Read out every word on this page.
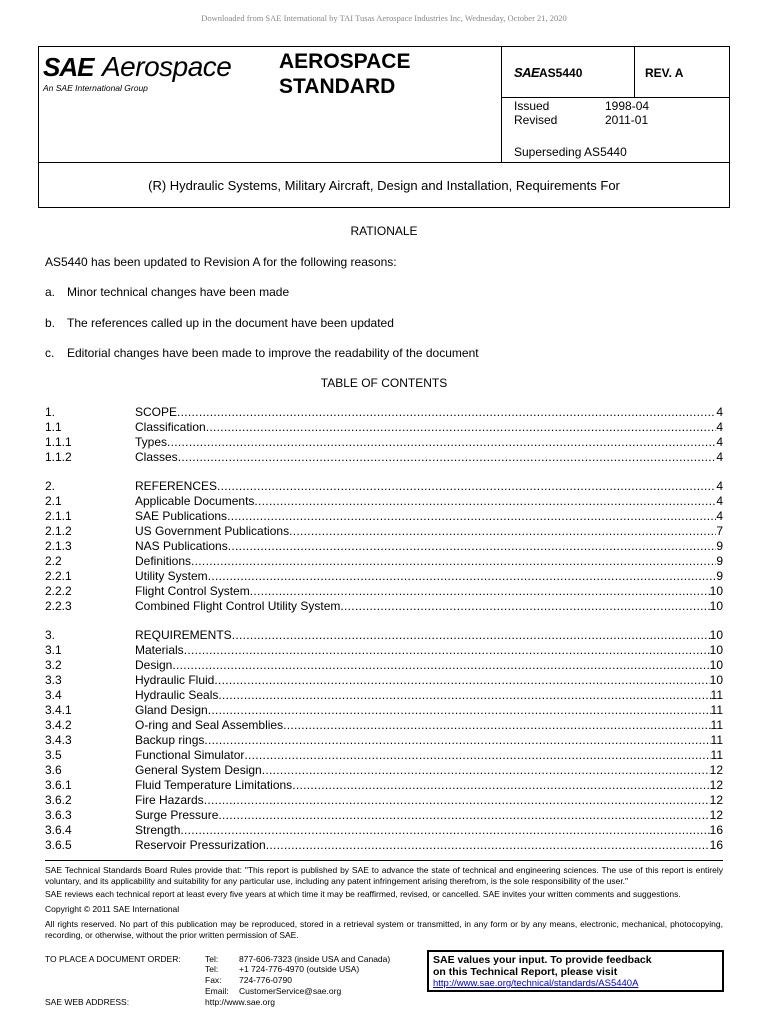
Downloaded from SAE International by TAI Tusas Aerospace Industries Inc, Wednesday, October 21, 2020
SAE Aerospace
An SAE International Group
AEROSPACE
STANDARD
SAE AS5440	REV. A
Issued	1998-04
Revised	2011-01
Superseding AS5440
(R) Hydraulic Systems, Military Aircraft, Design and Installation, Requirements For
RATIONALE
AS5440 has been updated to Revision A for the following reasons:
a. Minor technical changes have been made
b. The references called up in the document have been updated
c. Editorial changes have been made to improve the readability of the document
TABLE OF CONTENTS
1.	SCOPE .....	4
1.1	Classification .....	4
1.1.1	Types .....	4
1.1.2	Classes .....	4
2.	REFERENCES .....	4
2.1	Applicable Documents .....	4
2.1.1	SAE Publications .....	4
2.1.2	US Government Publications .....	7
2.1.3	NAS Publications .....	9
2.2	Definitions .....	9
2.2.1	Utility System .....	9
2.2.2	Flight Control System .....	10
2.2.3	Combined Flight Control Utility System .....	10
3.	REQUIREMENTS .....	10
3.1	Materials .....	10
3.2	Design .....	10
3.3	Hydraulic Fluid .....	10
3.4	Hydraulic Seals .....	11
3.4.1	Gland Design .....	11
3.4.2	O-ring and Seal Assemblies .....	11
3.4.3	Backup rings .....	11
3.5	Functional Simulator .....	11
3.6	General System Design .....	12
3.6.1	Fluid Temperature Limitations .....	12
3.6.2	Fire Hazards .....	12
3.6.3	Surge Pressure .....	12
3.6.4	Strength .....	16
3.6.5	Reservoir Pressurization .....	16
SAE Technical Standards Board Rules provide that: "This report is published by SAE to advance the state of technical and engineering sciences. The use of this report is entirely voluntary, and its applicability and suitability for any particular use, including any patent infringement arising therefrom, is the sole responsibility of the user."
SAE reviews each technical report at least every five years at which time it may be reaffirmed, revised, or cancelled. SAE invites your written comments and suggestions.
Copyright © 2011 SAE International
All rights reserved. No part of this publication may be reproduced, stored in a retrieval system or transmitted, in any form or by any means, electronic, mechanical, photocopying, recording, or otherwise, without the prior written permission of SAE.
TO PLACE A DOCUMENT ORDER:	Tel: 877-606-7323 (inside USA and Canada)
Tel: +1 724-776-4970 (outside USA)
Fax: 724-776-0790
Email: CustomerService@sae.org
SAE WEB ADDRESS:	http://www.sae.org
SAE values your input. To provide feedback
on this Technical Report, please visit
http://www.sae.org/technical/standards/AS5440A
